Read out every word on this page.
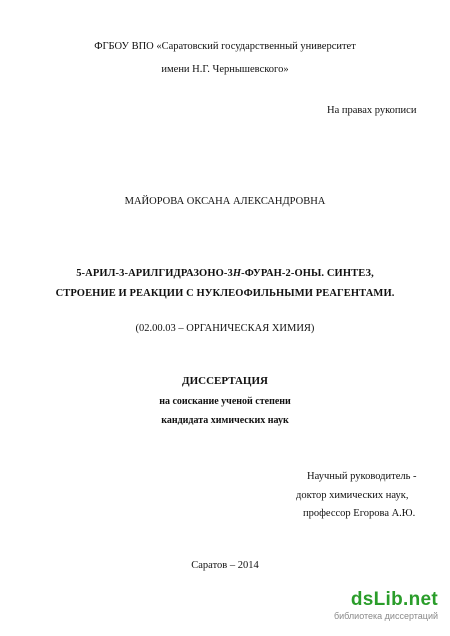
ФГБОУ ВПО «Саратовский государственный университет
имени Н.Г. Чернышевского»
На правах рукописи
МАЙОРОВА ОКСАНА АЛЕКСАНДРОВНА
5-АРИЛ-3-АРИЛГИДРАЗОНО-3H-ФУРАН-2-ОНЫ. СИНТЕЗ,
СТРОЕНИЕ И РЕАКЦИИ С НУКЛЕОФИЛЬНЫМИ РЕАГЕНТАМИ.
(02.00.03 – ОРГАНИЧЕСКАЯ ХИМИЯ)
ДИССЕРТАЦИЯ
на соискание ученой степени
кандидата химических наук
Научный руководитель -
доктор химических наук,
профессор Егорова А.Ю.
Саратов – 2014
dsLib.net
библиотека диссертаций
